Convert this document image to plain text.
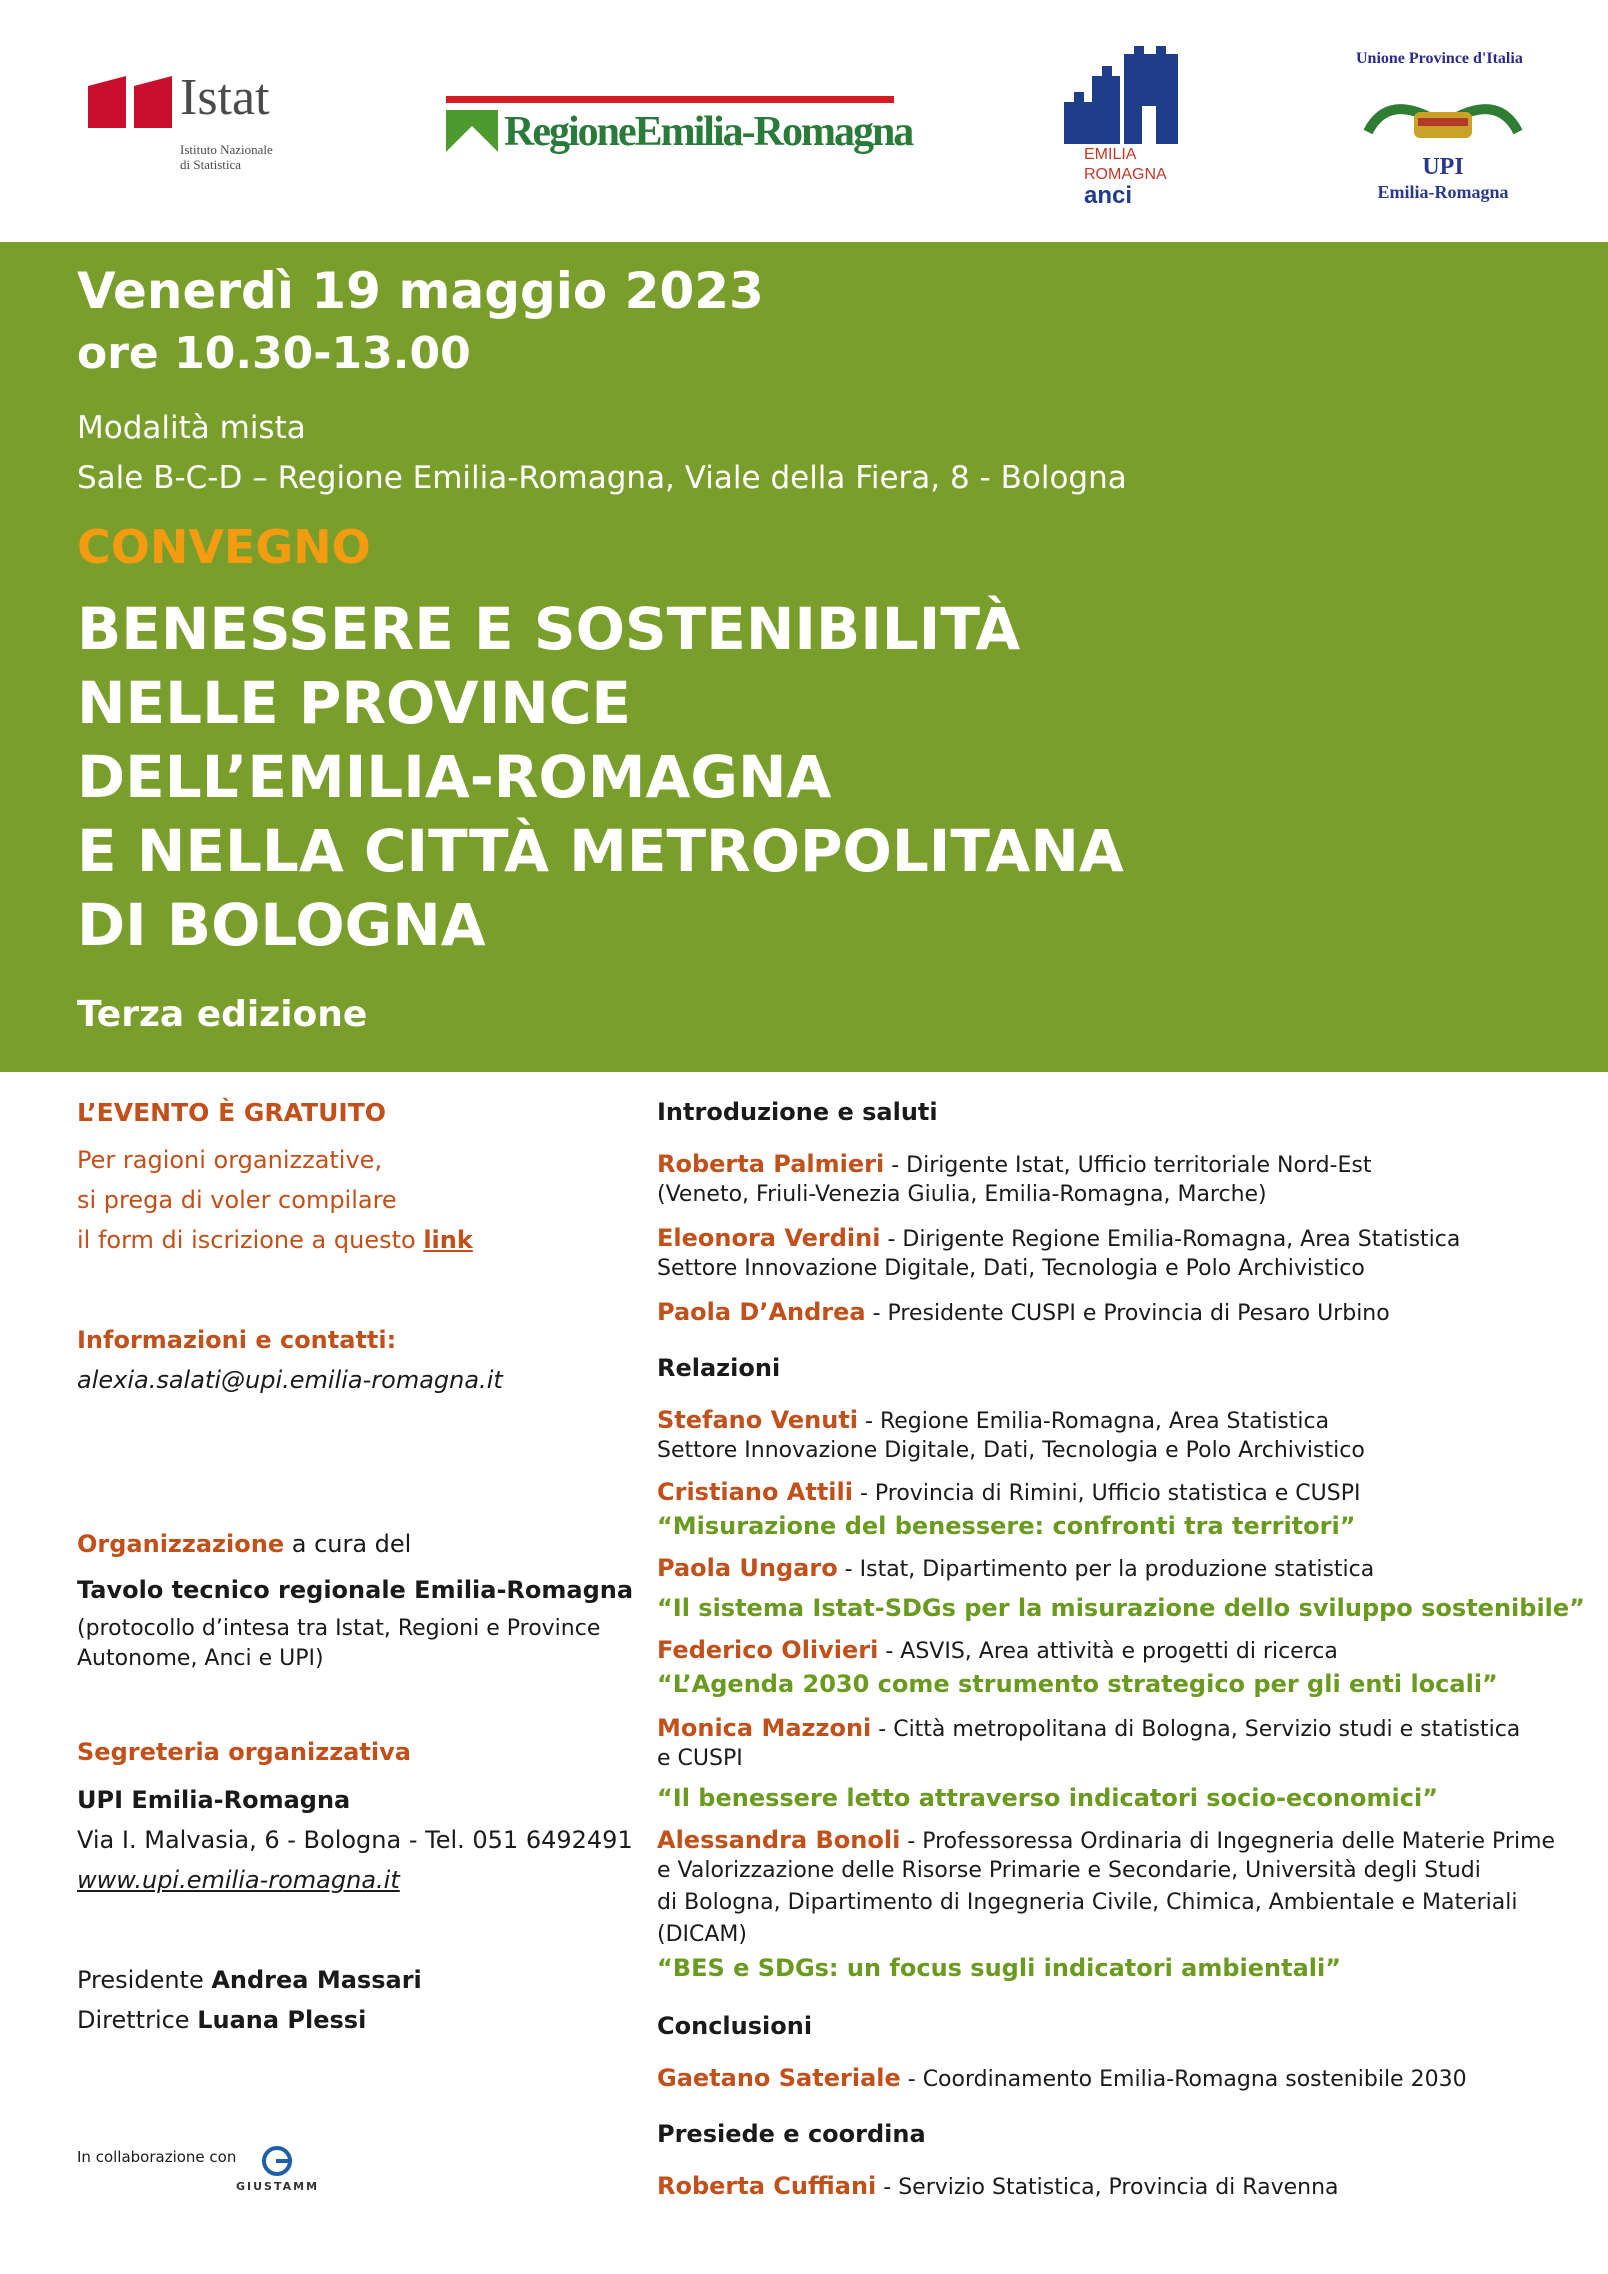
Istat
Istituto Nazionale
di Statistica
RegioneEmilia-Romagna	EMILIA
ROMAGNA
anci
Unione Province d'Italia
UPI
Emilia-Romagna
Venerdì 19 maggio 2023
ore 10.30-13.00
Modalità mista
Sale B-C-D – Regione Emilia-Romagna, Viale della Fiera, 8 - Bologna
CONVEGNO
BENESSERE E SOSTENIBILITÀ
NELLE PROVINCE
DELL’EMILIA-ROMAGNA
E NELLA CITTÀ METROPOLITANA
DI BOLOGNA
Terza edizione
L’EVENTO È GRATUITO
Per ragioni organizzative,
si prega di voler compilare
il form di iscrizione a questo link
Informazioni e contatti:
alexia.salati@upi.emilia-romagna.it
Organizzazione a cura del
Tavolo tecnico regionale Emilia-Romagna
(protocollo d’intesa tra Istat, Regioni e Province
Autonome, Anci e UPI)
Segreteria organizzativa
UPI Emilia-Romagna
Via I. Malvasia, 6 - Bologna - Tel. 051 6492491
www.upi.emilia-romagna.it
Presidente Andrea Massari
Direttrice Luana Plessi
In collaborazione con
GIUSTAMM
Introduzione e saluti
Roberta Palmieri - Dirigente Istat, Ufficio territoriale Nord-Est
(Veneto, Friuli-Venezia Giulia, Emilia-Romagna, Marche)
Eleonora Verdini - Dirigente Regione Emilia-Romagna, Area Statistica
Settore Innovazione Digitale, Dati, Tecnologia e Polo Archivistico
Paola D’Andrea - Presidente CUSPI e Provincia di Pesaro Urbino
Relazioni
Stefano Venuti - Regione Emilia-Romagna, Area Statistica
Settore Innovazione Digitale, Dati, Tecnologia e Polo Archivistico
Cristiano Attili - Provincia di Rimini, Ufficio statistica e CUSPI
“Misurazione del benessere: confronti tra territori”
Paola Ungaro - Istat, Dipartimento per la produzione statistica
“Il sistema Istat-SDGs per la misurazione dello sviluppo sostenibile”
Federico Olivieri - ASVIS, Area attività e progetti di ricerca
“L’Agenda 2030 come strumento strategico per gli enti locali”
Monica Mazzoni - Città metropolitana di Bologna, Servizio studi e statistica
e CUSPI
“Il benessere letto attraverso indicatori socio-economici”
Alessandra Bonoli - Professoressa Ordinaria di Ingegneria delle Materie Prime
e Valorizzazione delle Risorse Primarie e Secondarie, Università degli Studi
di Bologna, Dipartimento di Ingegneria Civile, Chimica, Ambientale e Materiali
(DICAM)
“BES e SDGs: un focus sugli indicatori ambientali”
Conclusioni
Gaetano Sateriale - Coordinamento Emilia-Romagna sostenibile 2030
Presiede e coordina
Roberta Cuffiani - Servizio Statistica, Provincia di Ravenna
